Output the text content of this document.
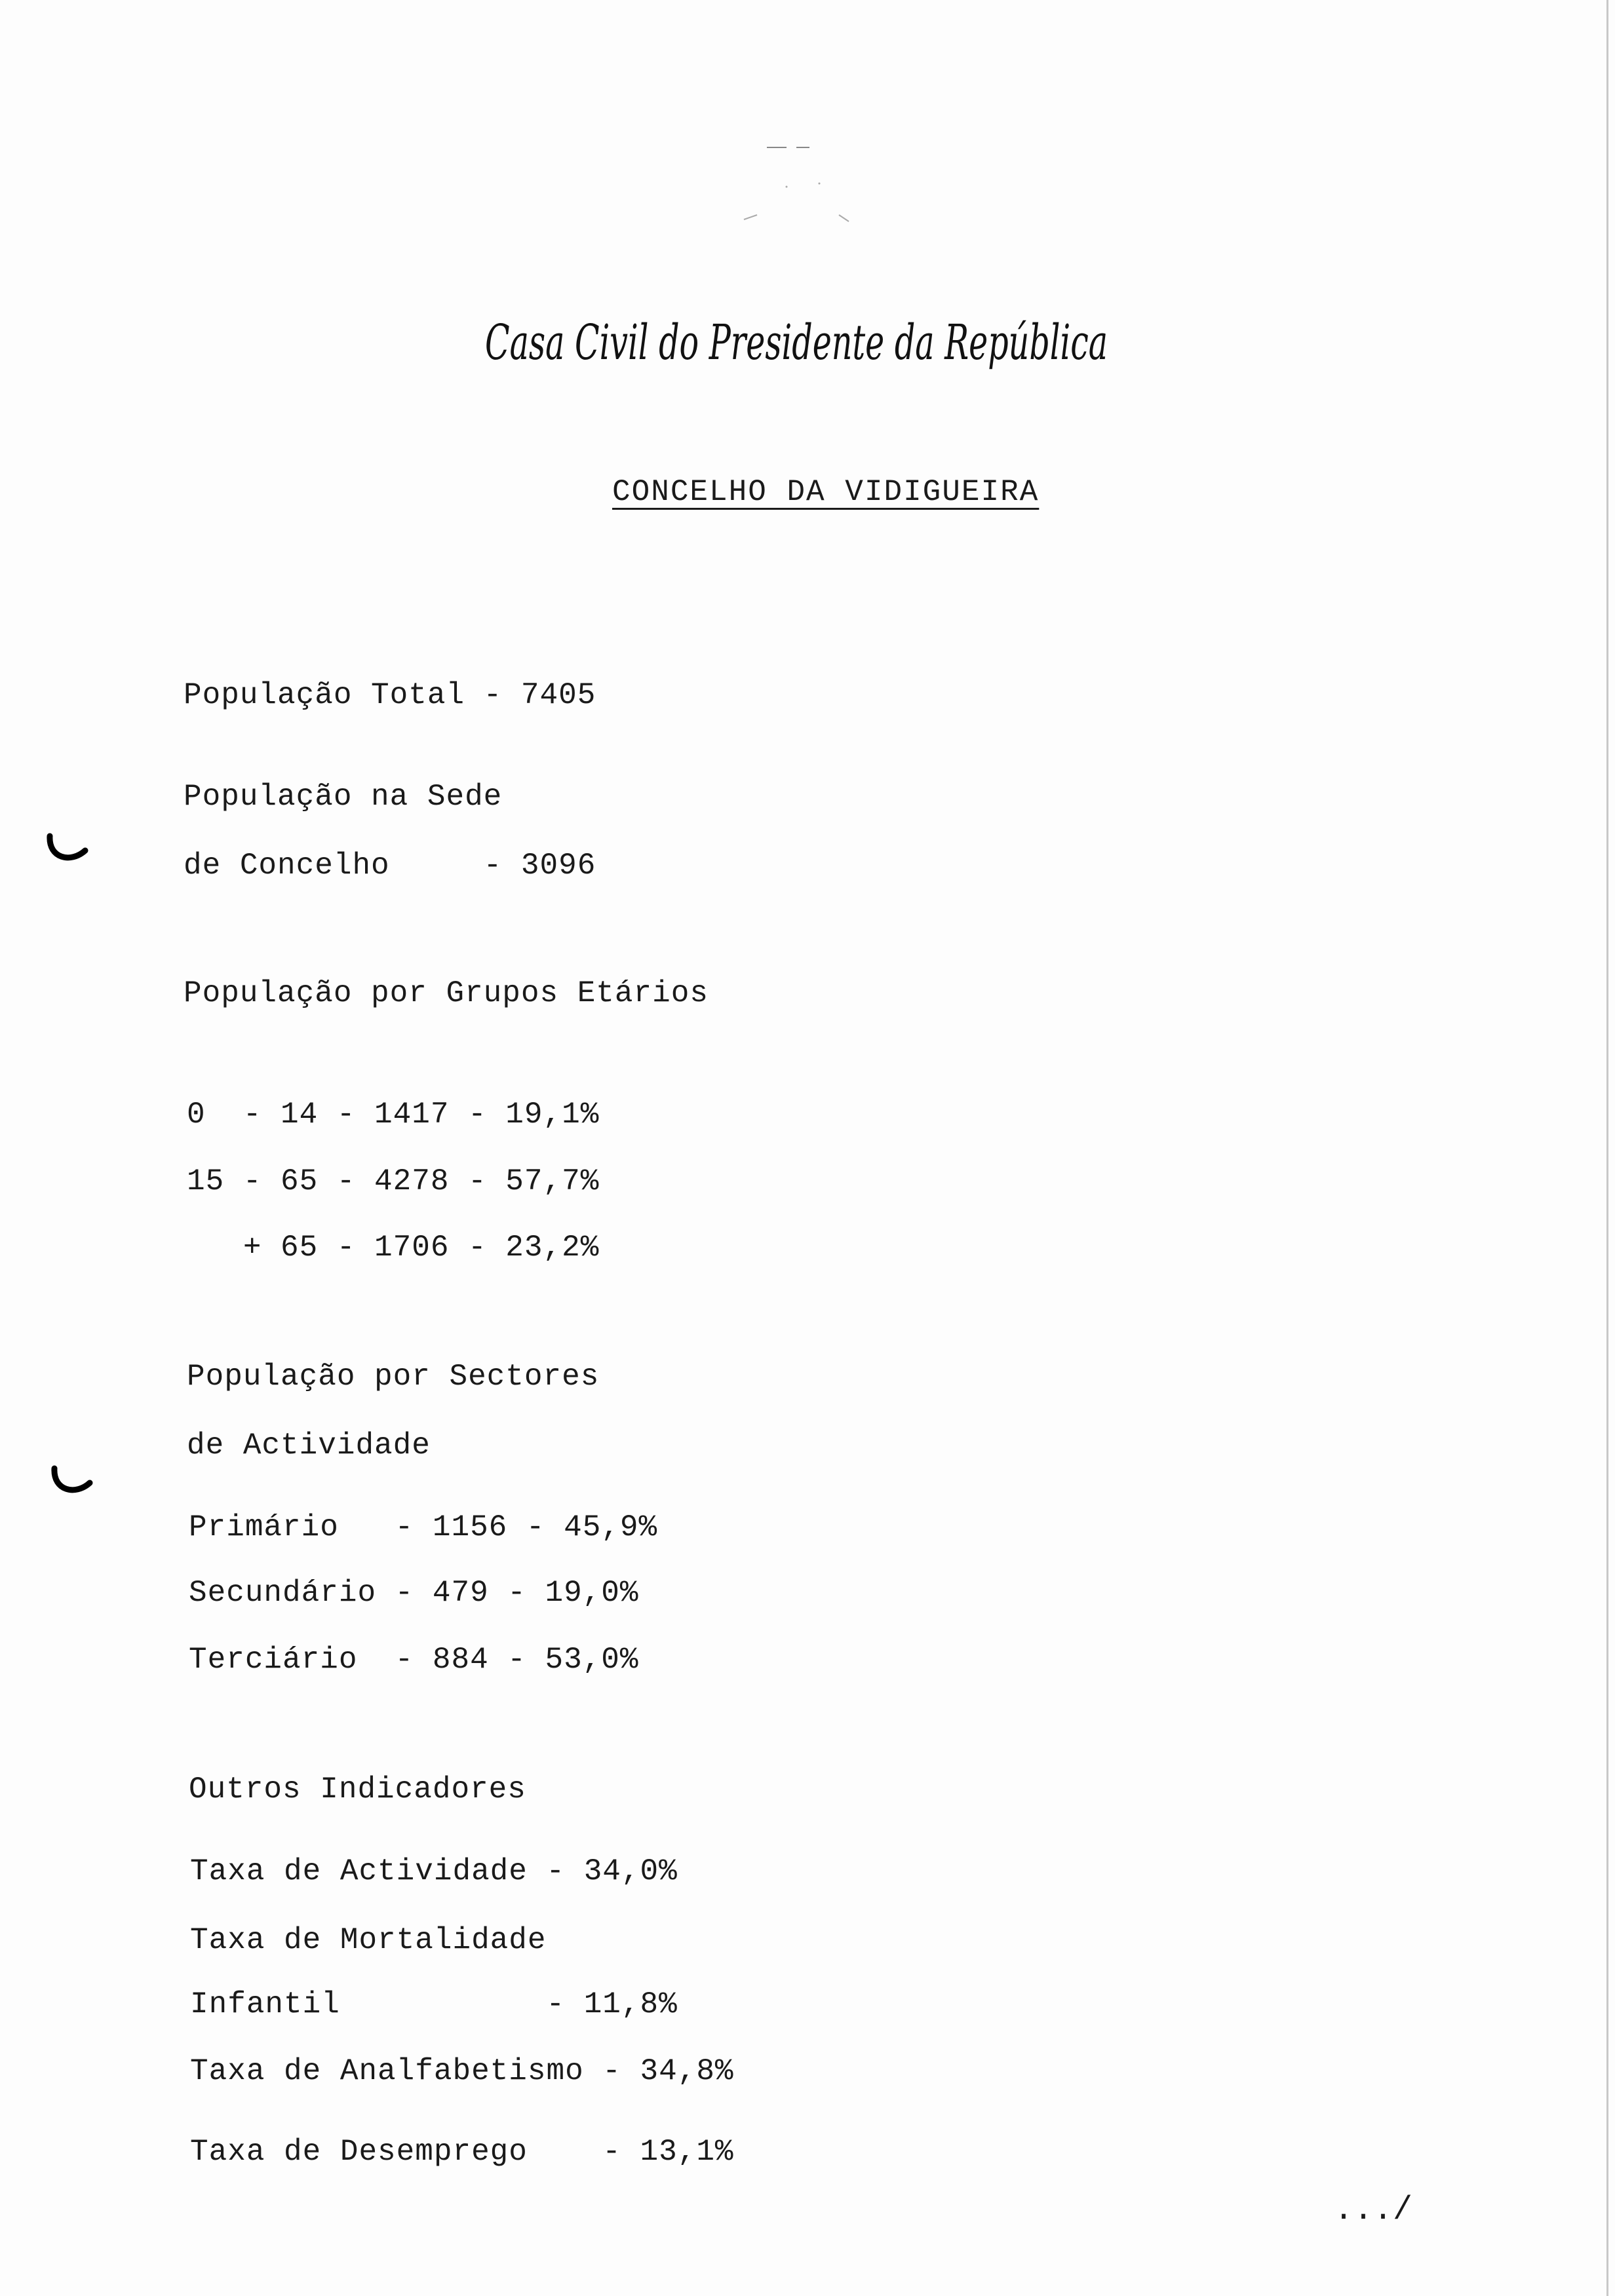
Casa Civil do Presidente da República
CONCELHO DA VIDIGUEIRA
População Total - 7405
População na Sede
de Concelho     - 3096
População por Grupos Etários
0  - 14 - 1417 - 19,1%
15 - 65 - 4278 - 57,7%
+ 65 - 1706 - 23,2%
População por Sectores
de Actividade
Primário   - 1156 - 45,9%
Secundário - 479 - 19,0%
Terciário  - 884 - 53,0%
Outros Indicadores
Taxa de Actividade - 34,0%
Taxa de Mortalidade
Infantil           - 11,8%
Taxa de Analfabetismo - 34,8%
Taxa de Desemprego    - 13,1%
.../
